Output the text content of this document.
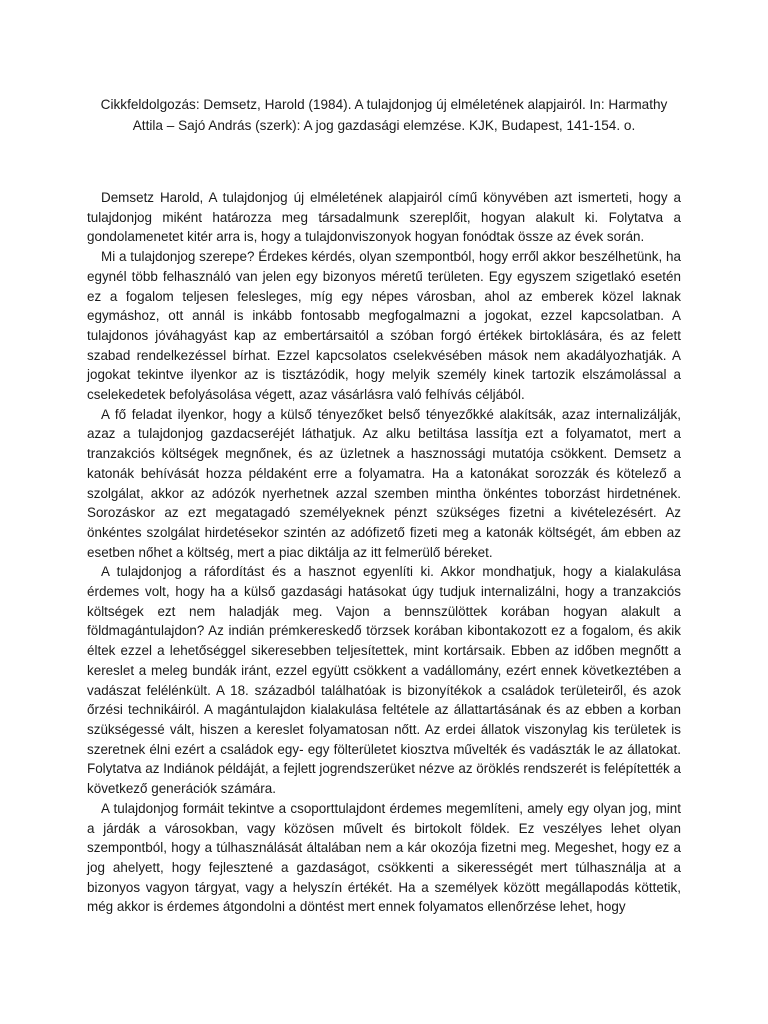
Cikkfeldolgozás: Demsetz, Harold (1984). A tulajdonjog új elméletének alapjairól. In: Harmathy

Attila – Sajó András (szerk): A jog gazdasági elemzése. KJK, Budapest, 141-154. o.

Demsetz Harold, A tulajdonjog új elméletének alapjairól című könyvében azt ismerteti, hogy a tulajdonjog miként határozza meg társadalmunk szereplőit, hogyan alakult ki. Folytatva a gondolamenetet kitér arra is, hogy a tulajdonviszonyok hogyan fonódtak össze az évek során.

Mi a tulajdonjog szerepe? Érdekes kérdés, olyan szempontból, hogy erről akkor beszélhetünk, ha egynél több felhasználó van jelen egy bizonyos méretű területen. Egy egyszem szigetlakó esetén ez a fogalom teljesen felesleges, míg egy népes városban, ahol az emberek közel laknak egymáshoz, ott annál is inkább fontosabb megfogalmazni a jogokat, ezzel kapcsolatban. A tulajdonos jóváhagyást kap az embertársaitól a szóban forgó értékek birtoklására, és az felett szabad rendelkezéssel bírhat. Ezzel kapcsolatos cselekvésében mások nem akadályozhatják. A jogokat tekintve ilyenkor az is tisztázódik, hogy melyik személy kinek tartozik elszámolással a cselekedetek befolyásolása végett, azaz vásárlásra való felhívás céljából.

A fő feladat ilyenkor, hogy a külső tényezőket belső tényezőkké alakítsák, azaz internalizálják, azaz a tulajdonjog gazdacseréjét láthatjuk. Az alku betiltása lassítja ezt a folyamatot, mert a tranzakciós költségek megnőnek, és az üzletnek a hasznossági mutatója csökkent. Demsetz a katonák behívását hozza példaként erre a folyamatra. Ha a katonákat sorozzák és kötelező a szolgálat, akkor az adózók nyerhetnek azzal szemben mintha önkéntes toborzást hirdetnének. Sorozáskor az ezt megatagadó személyeknek pénzt szükséges fizetni a kivételezésért. Az önkéntes szolgálat hirdetésekor szintén az adófizető fizeti meg a katonák költségét, ám ebben az esetben nőhet a költség, mert a piac diktálja az itt felmerülő béreket.

A tulajdonjog a ráfordítást és a hasznot egyenlíti ki. Akkor mondhatjuk, hogy a kialakulása érdemes volt, hogy ha a külső gazdasági hatásokat úgy tudjuk internalizálni, hogy a tranzakciós költségek ezt nem haladják meg. Vajon a bennszülöttek korában hogyan alakult a földmagántulajdon? Az indián prémkereskedő törzsek korában kibontakozott ez a fogalom, és akik éltek ezzel a lehetőséggel sikeresebben teljesítettek, mint kortársaik. Ebben az időben megnőtt a kereslet a meleg bundák iránt, ezzel együtt csökkent a vadállomány, ezért ennek következtében a vadászat felélénkült. A 18. századból találhatóak is bizonyítékok a családok területeiről, és azok őrzési technikáiról. A magántulajdon kialakulása feltétele az állattartásának és az ebben a korban szükségessé vált, hiszen a kereslet folyamatosan nőtt. Az erdei állatok viszonylag kis területek is szeretnek élni ezért a családok egy- egy fölterületet kiosztva művelték és vadászták le az állatokat. Folytatva az Indiánok példáját, a fejlett jogrendszerüket nézve az öröklés rendszerét is felépítették a következő generációk számára.

A tulajdonjog formáit tekintve a csoporttulajdont érdemes megemlíteni, amely egy olyan jog, mint a járdák a városokban, vagy közösen művelt és birtokolt földek. Ez veszélyes lehet olyan szempontból, hogy a túlhasználását általában nem a kár okozója fizetni meg. Megeshet, hogy ez a jog ahelyett, hogy fejlesztené a gazdaságot, csökkenti a sikerességét mert túlhasználja at a bizonyos vagyon tárgyat, vagy a helyszín értékét. Ha a személyek között megállapodás köttetik, még akkor is érdemes átgondolni a döntést mert ennek folyamatos ellenőrzése lehet, hogy
